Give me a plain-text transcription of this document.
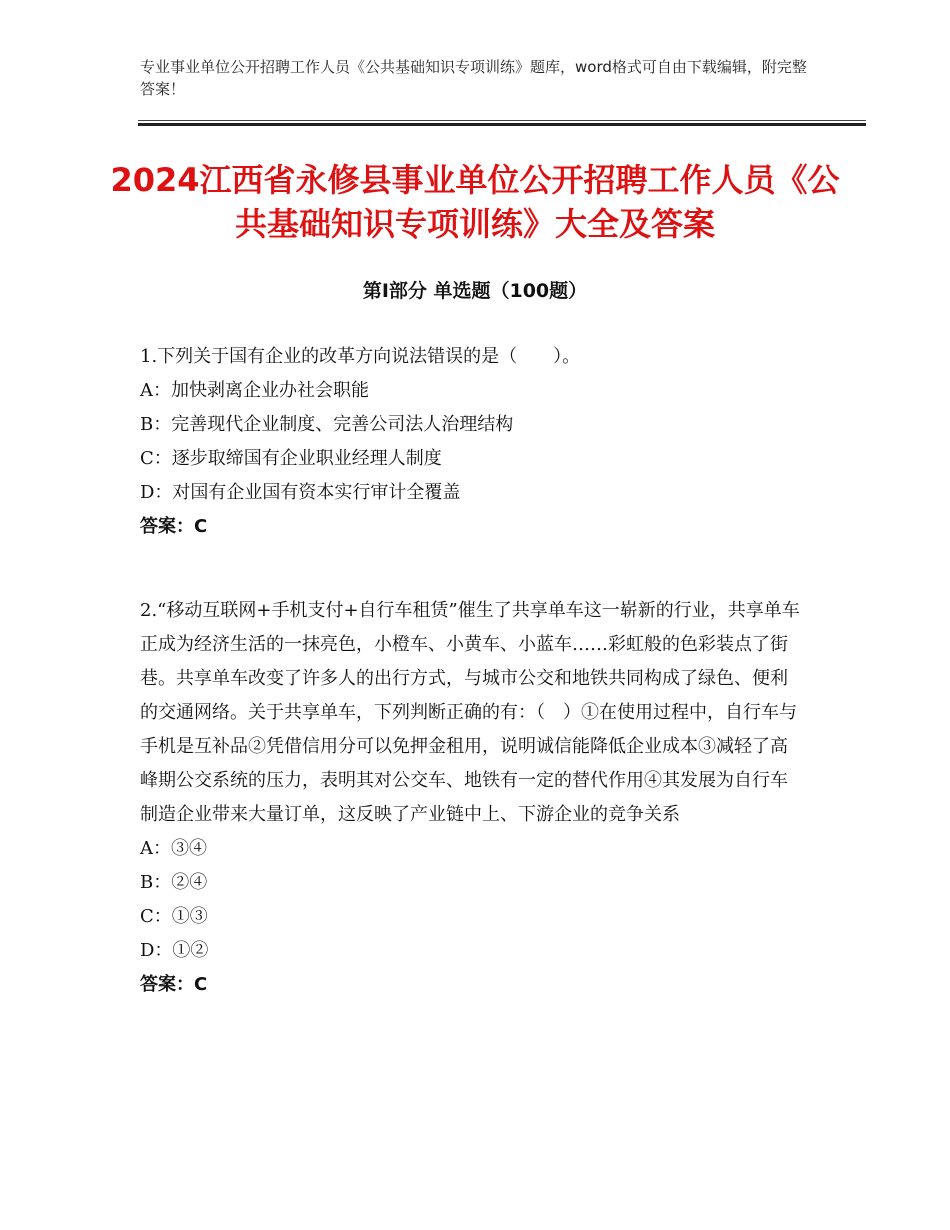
专业事业单位公开招聘工作人员《公共基础知识专项训练》题库，word格式可自由下载编辑，附完整答案！
2024江西省永修县事业单位公开招聘工作人员《公共基础知识专项训练》大全及答案
第Ⅰ部分 单选题（100题）

1.下列关于国有企业的改革方向说法错误的是（　　）。

A：加快剥离企业办社会职能

B：完善现代企业制度、完善公司法人治理结构

C：逐步取缔国有企业职业经理人制度

D：对国有企业国有资本实行审计全覆盖

答案：C

2.“移动互联网+手机支付+自行车租赁”催生了共享单车这一崭新的行业，共享单车正成为经济生活的一抹亮色，小橙车、小黄车、小蓝车……彩虹般的色彩装点了街巷。共享单车改变了许多人的出行方式，与城市公交和地铁共同构成了绿色、便利的交通网络。关于共享单车，下列判断正确的有：（　）①在使用过程中，自行车与手机是互补品②凭借信用分可以免押金租用，说明诚信能降低企业成本③减轻了高峰期公交系统的压力，表明其对公交车、地铁有一定的替代作用④其发展为自行车制造企业带来大量订单，这反映了产业链中上、下游企业的竞争关系

A：③④

B：②④

C：①③

D：①②

答案：C
